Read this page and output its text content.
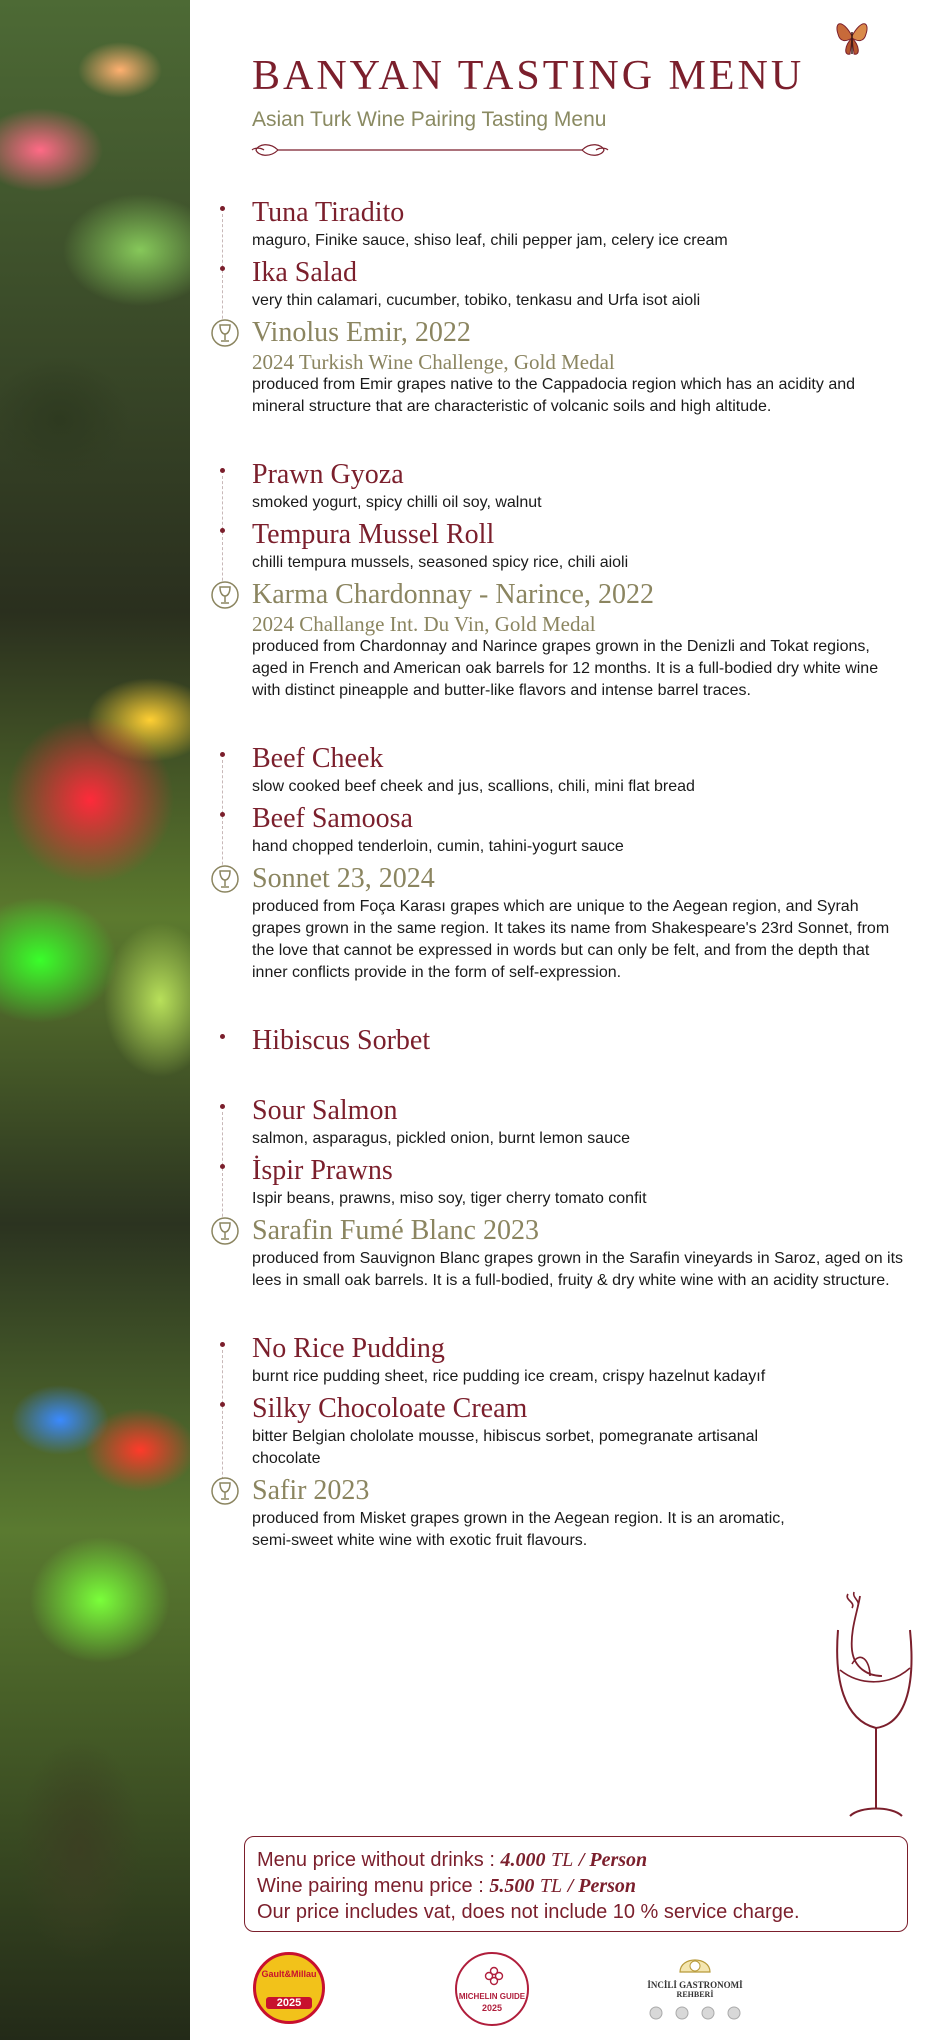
BANYAN TASTING MENU
Asian Turk Wine Pairing Tasting Menu
Tuna Tiradito
maguro, Finike sauce, shiso leaf, chili pepper jam, celery ice cream
Ika Salad
very thin calamari, cucumber, tobiko, tenkasu and Urfa isot aioli
Vinolus Emir, 2022
2024 Turkish Wine Challenge, Gold Medal
produced from Emir grapes native to the Cappadocia region which has an acidity and mineral structure that are characteristic of volcanic soils and high altitude.
Prawn Gyoza
smoked yogurt, spicy chilli oil soy, walnut
Tempura Mussel Roll
chilli tempura mussels, seasoned spicy rice, chili aioli
Karma Chardonnay - Narince, 2022
2024 Challange Int. Du Vin, Gold Medal
produced from Chardonnay and Narince grapes grown in the Denizli and Tokat regions, aged in French and American oak barrels for 12 months. It is a full-bodied dry white wine with distinct pineapple and butter-like flavors and intense barrel traces.
Beef Cheek
slow cooked beef cheek and jus, scallions, chili, mini flat bread
Beef Samoosa
hand chopped tenderloin, cumin, tahini-yogurt sauce
Sonnet 23, 2024
produced from Foça Karası grapes which are unique to the Aegean region, and Syrah grapes grown in the same region. It takes its name from Shakespeare's 23rd Sonnet, from the love that cannot be expressed in words but can only be felt, and from the depth that inner conflicts provide in the form of self-expression.
Hibiscus Sorbet
Sour Salmon
salmon, asparagus, pickled onion, burnt lemon sauce
İspir Prawns
Ispir beans, prawns, miso soy, tiger cherry tomato confit
Sarafin Fumé Blanc 2023
produced from Sauvignon Blanc grapes grown in the Sarafin vineyards in Saroz, aged on its lees in small oak barrels. It is a full-bodied, fruity & dry white wine with an acidity structure.
No Rice Pudding
burnt rice pudding sheet, rice pudding ice cream, crispy hazelnut kadayıf
Silky Chocoloate Cream
bitter Belgian chololate mousse, hibiscus sorbet, pomegranate artisanal chocolate
Safir 2023
produced from Misket grapes grown in the Aegean region. It is an aromatic, semi-sweet white wine with exotic fruit flavours.
Menu price without drinks : 4.000 TL / Person
Wine pairing menu price : 5.500 TL / Person
Our price includes vat, does not include 10 % service charge.
Gault&Millau
2025
MICHELIN GUIDE
2025
İNCİLİ GASTRONOMİ
REHBERİ
